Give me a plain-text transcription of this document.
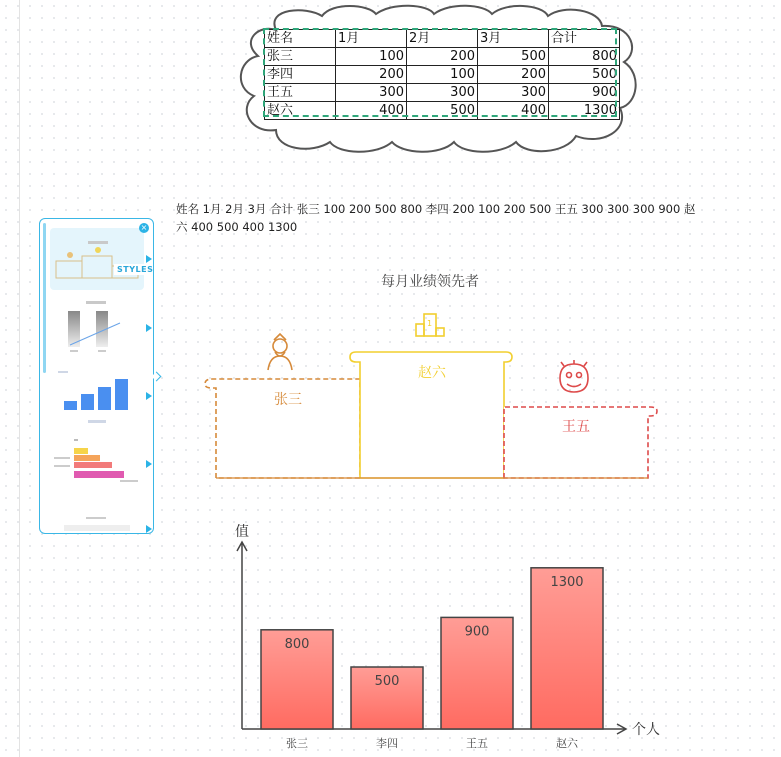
姓名	1月	2月	3月	合计
张三	100	200	500	800
李四	200	100	200	500
王五	300	300	300	900
赵六	400	500	400	1300
姓名 1月 2月 3月 合计 张三 100 200 500 800 李四 200 100 200 500 王五 300 300 300 900 赵六 400 500 400 1300
STYLES
×
每月业绩领先者
1
张三
赵六
王五
值
个人
800
张三
500
李四
900
王五
1300
赵六
